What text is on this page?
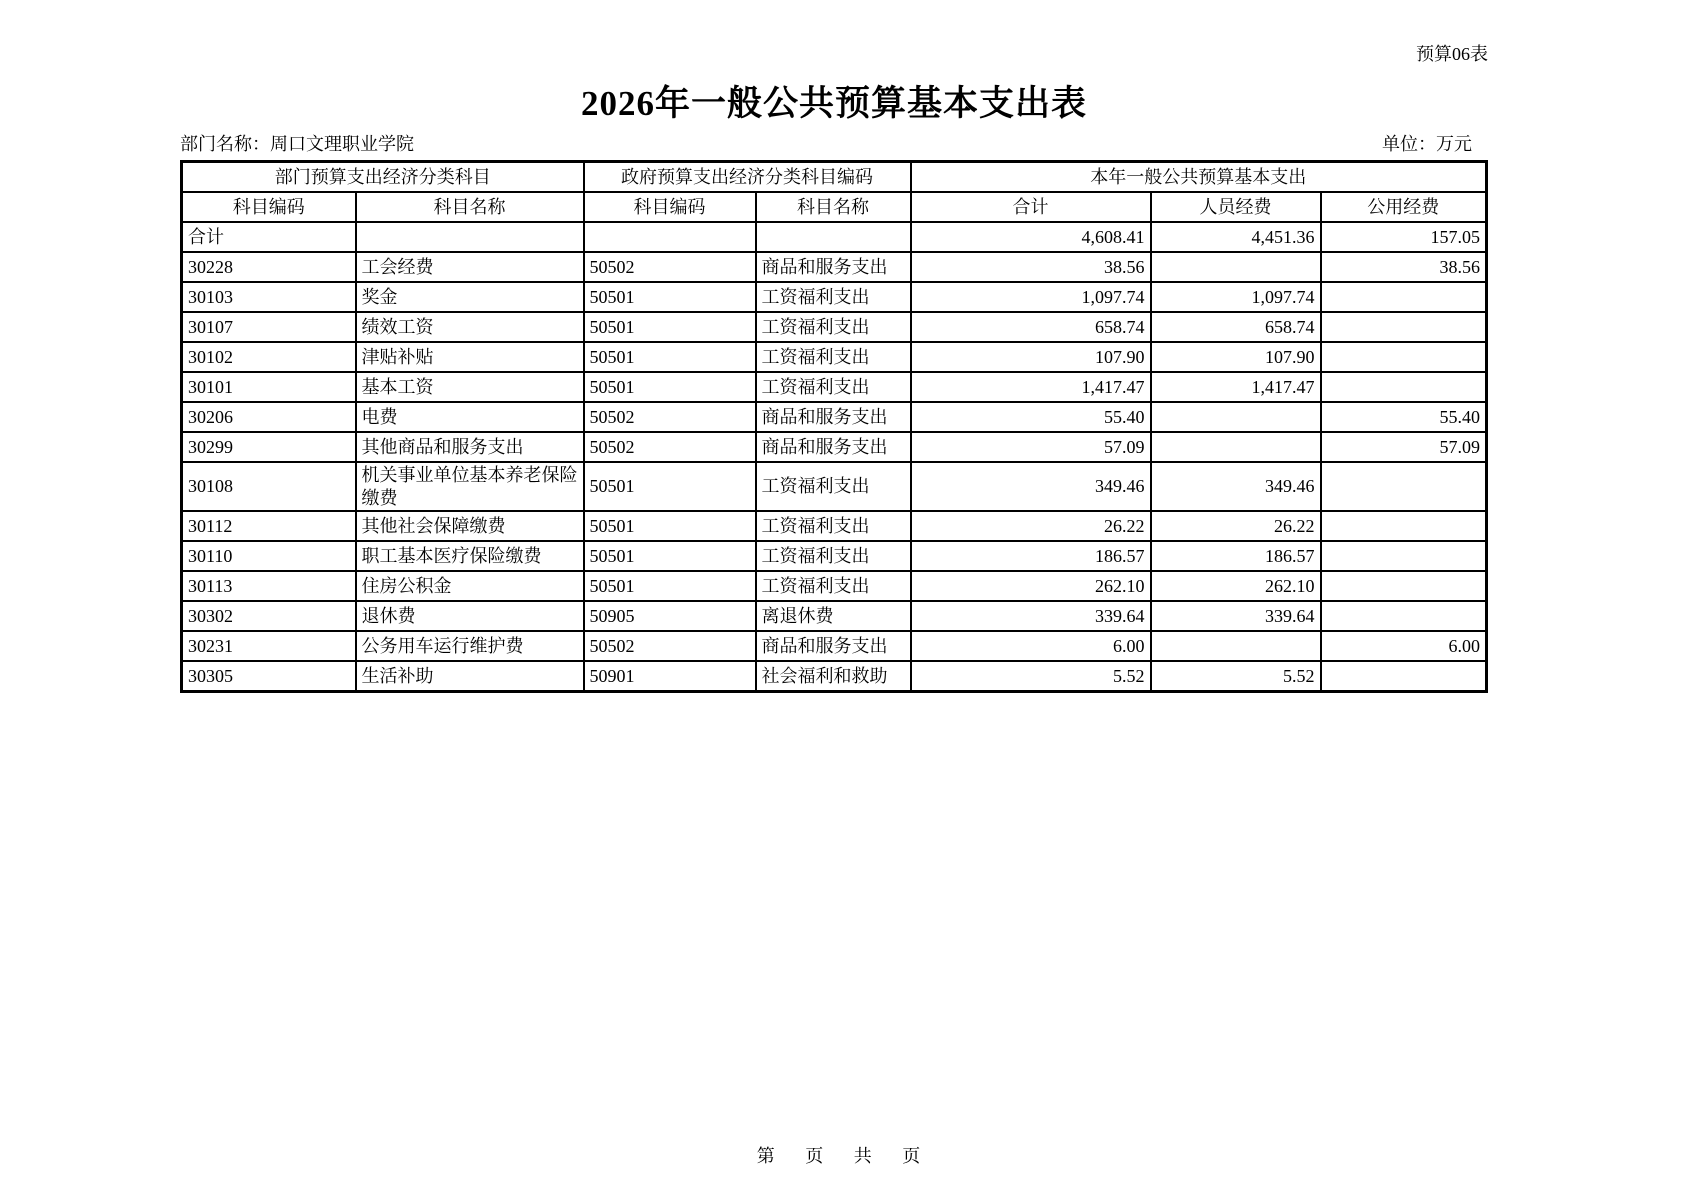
预算06表
2026年一般公共预算基本支出表
部门名称：周口文理职业学院	单位：万元
部门预算支出经济分类科目		政府预算支出经济分类科目编码		本年一般公共预算基本支出		
科目编码	科目名称	科目编码	科目名称	合计	人员经费	公用经费
合计				4,608.41	4,451.36	157.05
30228	工会经费	50502	商品和服务支出	38.56		38.56
30103	奖金	50501	工资福利支出	1,097.74	1,097.74	
30107	绩效工资	50501	工资福利支出	658.74	658.74	
30102	津贴补贴	50501	工资福利支出	107.90	107.90	
30101	基本工资	50501	工资福利支出	1,417.47	1,417.47	
30206	电费	50502	商品和服务支出	55.40		55.40
30299	其他商品和服务支出	50502	商品和服务支出	57.09		57.09
30108	机关事业单位基本养老保险缴费	50501	工资福利支出	349.46	349.46	
30112	其他社会保障缴费	50501	工资福利支出	26.22	26.22	
30110	职工基本医疗保险缴费	50501	工资福利支出	186.57	186.57	
30113	住房公积金	50501	工资福利支出	262.10	262.10	
30302	退休费	50905	离退休费	339.64	339.64	
30231	公务用车运行维护费	50502	商品和服务支出	6.00		6.00
30305	生活补助	50901	社会福利和救助	5.52	5.52	
第 页 共 页
